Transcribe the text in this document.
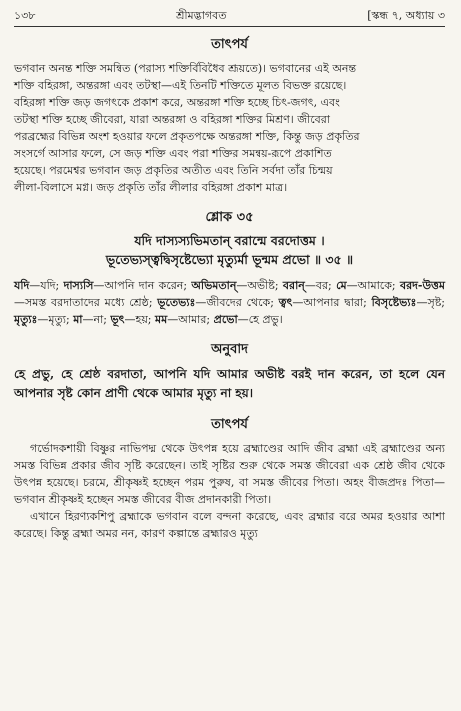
১৩৮	শ্রীমদ্ভাগবত	[স্কন্ধ ৭, অধ্যায় ৩
তাৎপর্য
ভগবান অনন্ত শক্তি সমন্বিত (পরাস্য শক্তির্বিবিধৈব শ্রূয়তে)। ভগবানের এই অনন্ত
শক্তি বহিরঙ্গা, অন্তরঙ্গা এবং তটস্থা—এই তিনটি শক্তিতে মূলত বিভক্ত রয়েছে।
বহিরঙ্গা শক্তি জড় জগৎকে প্রকাশ করে, অন্তরঙ্গা শক্তি হচ্ছে চিৎ-জগৎ, এবং
তটস্থা শক্তি হচ্ছে জীবেরা, যারা অন্তরঙ্গা ও বহিরঙ্গা শক্তির মিশ্রণ। জীবেরা
পরব্রহ্মের বিভিন্ন অংশ হওয়ার ফলে প্রকৃতপক্ষে অন্তরঙ্গা শক্তি, কিন্তু জড় প্রকৃতির
সংসর্গে আসার ফলে, সে জড় শক্তি এবং পরা শক্তির সমন্বয়-রূপে প্রকাশিত
হয়েছে। পরমেশ্বর ভগবান জড় প্রকৃতির অতীত এবং তিনি সর্বদা তাঁর চিন্ময়
লীলা-বিলাসে মগ্ন। জড় প্রকৃতি তাঁর লীলার বহিরঙ্গা প্রকাশ মাত্র।
শ্লোক ৩৫
যদি দাস্যস্যভিমতান্ বরান্মে বরদোত্তম ।
ভূতেভ্যস্ত্বদ্বিসৃষ্টেভ্যো মৃত্যুর্মা ভূন্মম প্রভো ॥ ৩৫ ॥
যদি—যদি; দাস্যসি—আপনি দান করেন; অভিমতান্—অভীষ্ট; বরান্—বর; মে—আমাকে; বরদ-উত্তম—সমস্ত বরদাতাদের মধ্যে শ্রেষ্ঠ; ভূতেভ্যঃ—জীবদের থেকে; ত্বৎ—আপনার দ্বারা; বিসৃষ্টেভ্যঃ—সৃষ্ট; মৃত্যুঃ—মৃত্যু; মা—না; ভূৎ—হয়; মম—আমার; প্রভো—হে প্রভু।
অনুবাদ
হে প্রভু, হে শ্রেষ্ঠ বরদাতা, আপনি যদি আমার অভীষ্ট বরই দান করেন, তা হলে যেন আপনার সৃষ্ট কোন প্রাণী থেকে আমার মৃত্যু না হয়।
তাৎপর্য

গর্ভোদকশায়ী বিষ্ণুর নাভিপদ্ম থেকে উৎপন্ন হয়ে ব্রহ্মাণ্ডের আদি জীব ব্রহ্মা এই ব্রহ্মাণ্ডের অন্য সমস্ত বিভিন্ন প্রকার জীব সৃষ্টি করেছেন। তাই সৃষ্টির শুরু থেকে সমস্ত জীবেরা এক শ্রেষ্ঠ জীব থেকে উৎপন্ন হয়েছে। চরমে, শ্রীকৃষ্ণই হচ্ছেন পরম পুরুষ, বা সমস্ত জীবের পিতা। অহং বীজপ্রদঃ পিতা—ভগবান শ্রীকৃষ্ণই হচ্ছেন সমস্ত জীবের বীজ প্রদানকারী পিতা।

এখানে হিরণ্যকশিপু ব্রহ্মাকে ভগবান বলে বন্দনা করেছে, এবং ব্রহ্মার বরে অমর হওয়ার আশা করেছে। কিন্তু ব্রহ্মা অমর নন, কারণ কল্পান্তে ব্রহ্মারও মৃত্যু
